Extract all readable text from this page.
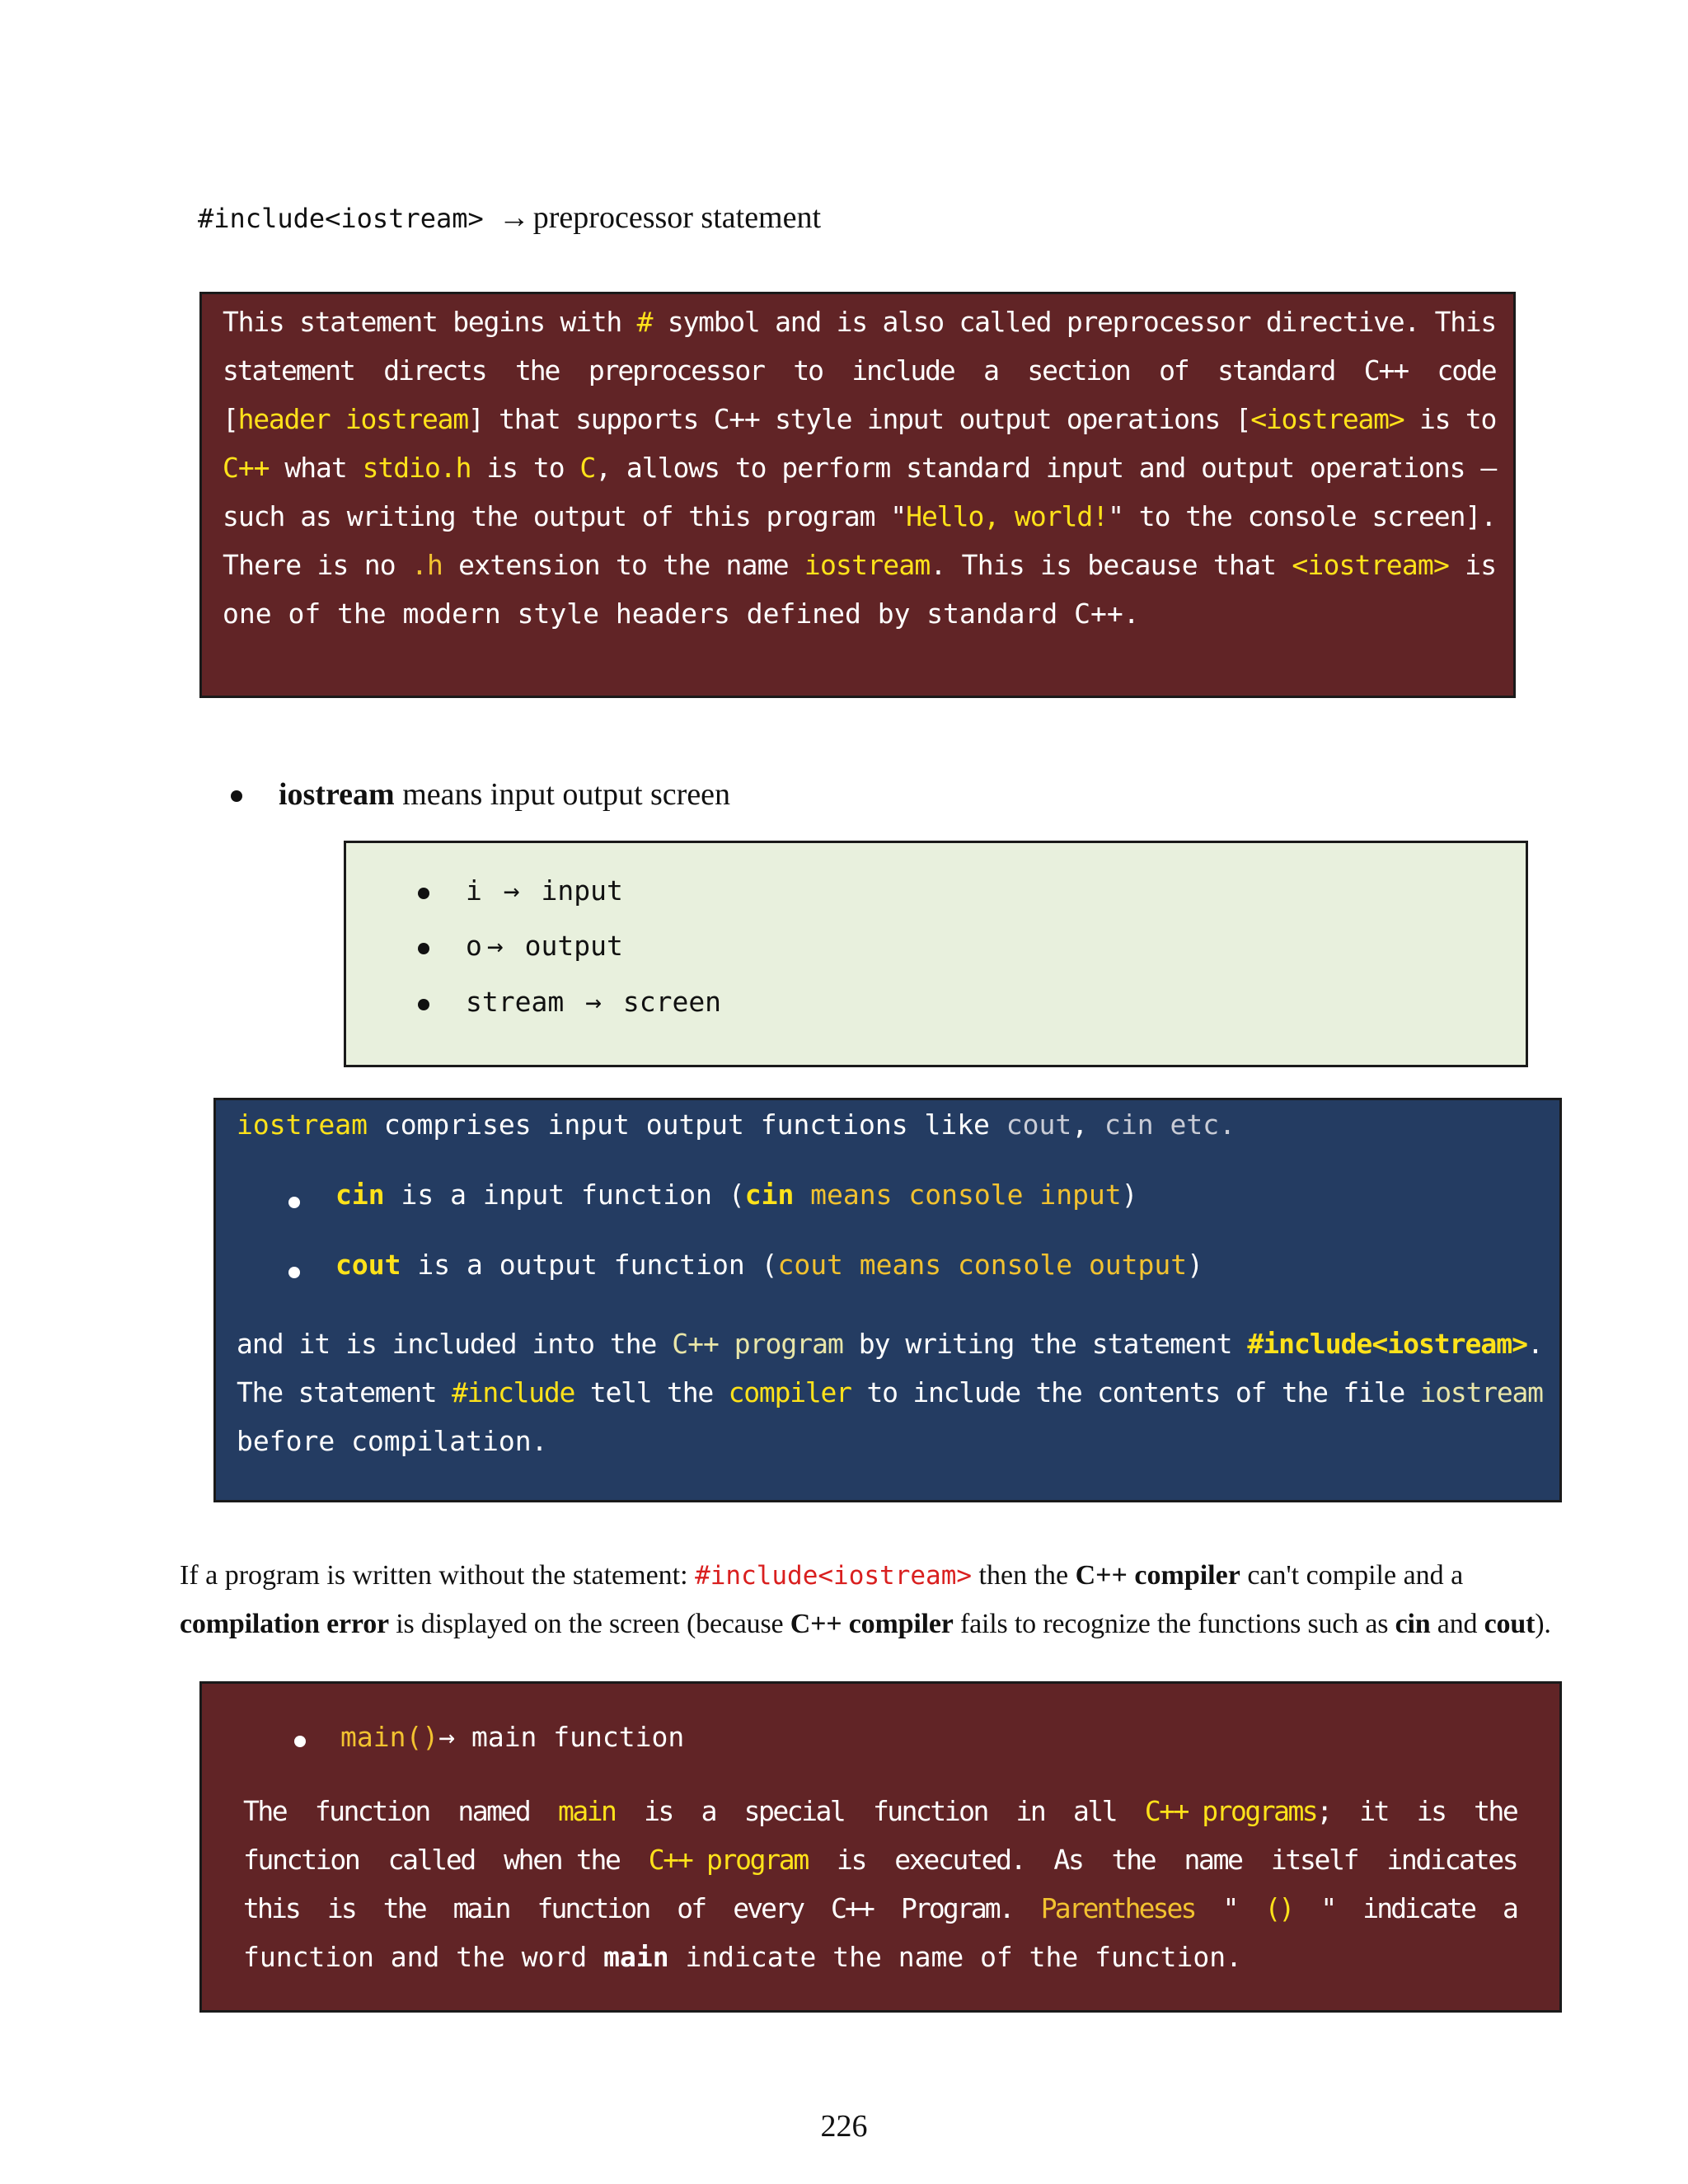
#include<iostream> → preprocessor statement
This statement begins with # symbol and is also called preprocessor directive. This
statement  directs  the  preprocessor  to  include  a  section  of  standard  C++  code
[header iostream] that supports C++ style input output operations [<iostream> is to
C++ what stdio.h is to C, allows to perform standard input and output operations –
such as writing the output of this program "Hello, world!" to the console screen].
There is no .h extension to the name iostream. This is because that <iostream> is
one of the modern style headers defined by standard C++.
iostream means input output screen
i → input
o → output
stream → screen
iostream comprises input output functions like cout, cin etc.
cin is a input function (cin means console input)
cout is a output function (cout means console output)
and it is included into the C++ program by writing the statement #include<iostream>.
The statement #include tell the compiler to include the contents of the file iostream
before compilation.
If a program is written without the statement: #include<iostream> then the C++ compiler can't compile and a
compilation error is displayed on the screen (because C++ compiler fails to recognize the functions such as cin and cout).
main()→ main function
The  function  named  main  is  a  special  function  in  all  C++ programs;  it  is  the
function  called  when the  C++ program  is  executed.  As  the  name  itself  indicates
this  is  the  main  function  of  every  C++  Program.  Parentheses  "  ()  "  indicate  a
function and the word main indicate the name of the function.
226
